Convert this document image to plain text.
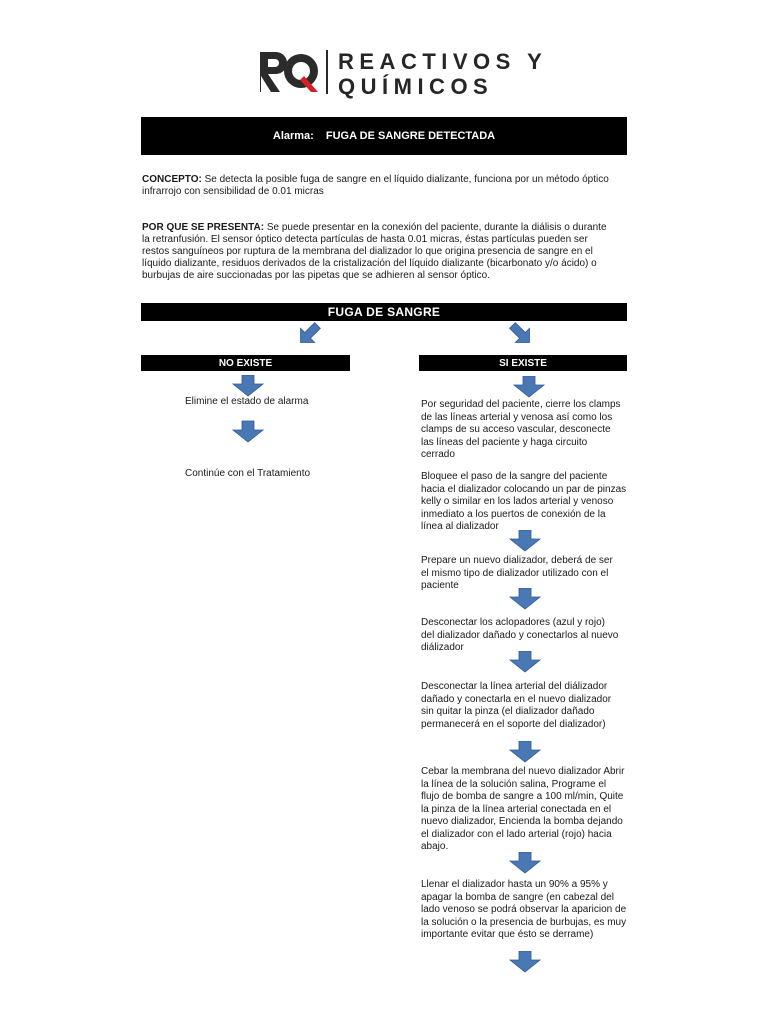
REACTIVOS Y
QUÍMICOS
Alarma: FUGA DE SANGRE DETECTADA
CONCEPTO: Se detecta la posible fuga de sangre en el líquido dializante, funciona por un método óptico infrarrojo con sensibilidad de 0.01 micras
POR QUE SE PRESENTA: Se puede presentar en la conexión del paciente, durante la diálisis o durante la retranfusión. El sensor óptico detecta partículas de hasta 0.01 micras, éstas partículas pueden ser restos sanguíneos por ruptura de la membrana del dializador lo que origina presencia de sangre en el líquido dializante, residuos derivados de la cristalización del líquido dializante (bicarbonato y/o ácido) o burbujas de aire succionadas por las pipetas que se adhieren al sensor óptico.
FUGA DE SANGRE
NO EXISTE	SI EXISTE
Elimine el estado de alarma
Continúe con el Tratamiento
Por seguridad del paciente, cierre los clamps de las líneas arterial y venosa así como los clamps de su acceso vascular, desconecte las líneas del paciente y haga circuito cerrado
Bloquee el paso de la sangre del paciente hacia el dializador colocando un par de pinzas kelly o similar en los lados arterial y venoso inmediato a los puertos de conexión de la línea al dializador
Prepare un nuevo dializador, deberá de ser el mismo tipo de dializador utilizado con el paciente
Desconectar los aclopadores (azul y rojo) del dializador dañado y conectarlos al nuevo diálizador
Desconectar la línea arterial del diálizador dañado y conectarla en el nuevo dializador sin quitar la pinza (el dializador dañado permanecerá en el soporte del dializador)
Cebar la membrana del nuevo dializador Abrir la línea de la solución salina, Programe el flujo de bomba de sangre a 100 ml/min, Quite la pinza de la línea arterial conectada en el nuevo dializador, Encienda la bomba dejando el dializador con el lado arterial (rojo) hacia abajo.
Llenar el dializador hasta un 90% a 95% y apagar la bomba de sangre (en cabezal del lado venoso se podrá observar la aparicion de la solución o la presencia de burbujas, es muy importante evitar que ésto se derrame)
